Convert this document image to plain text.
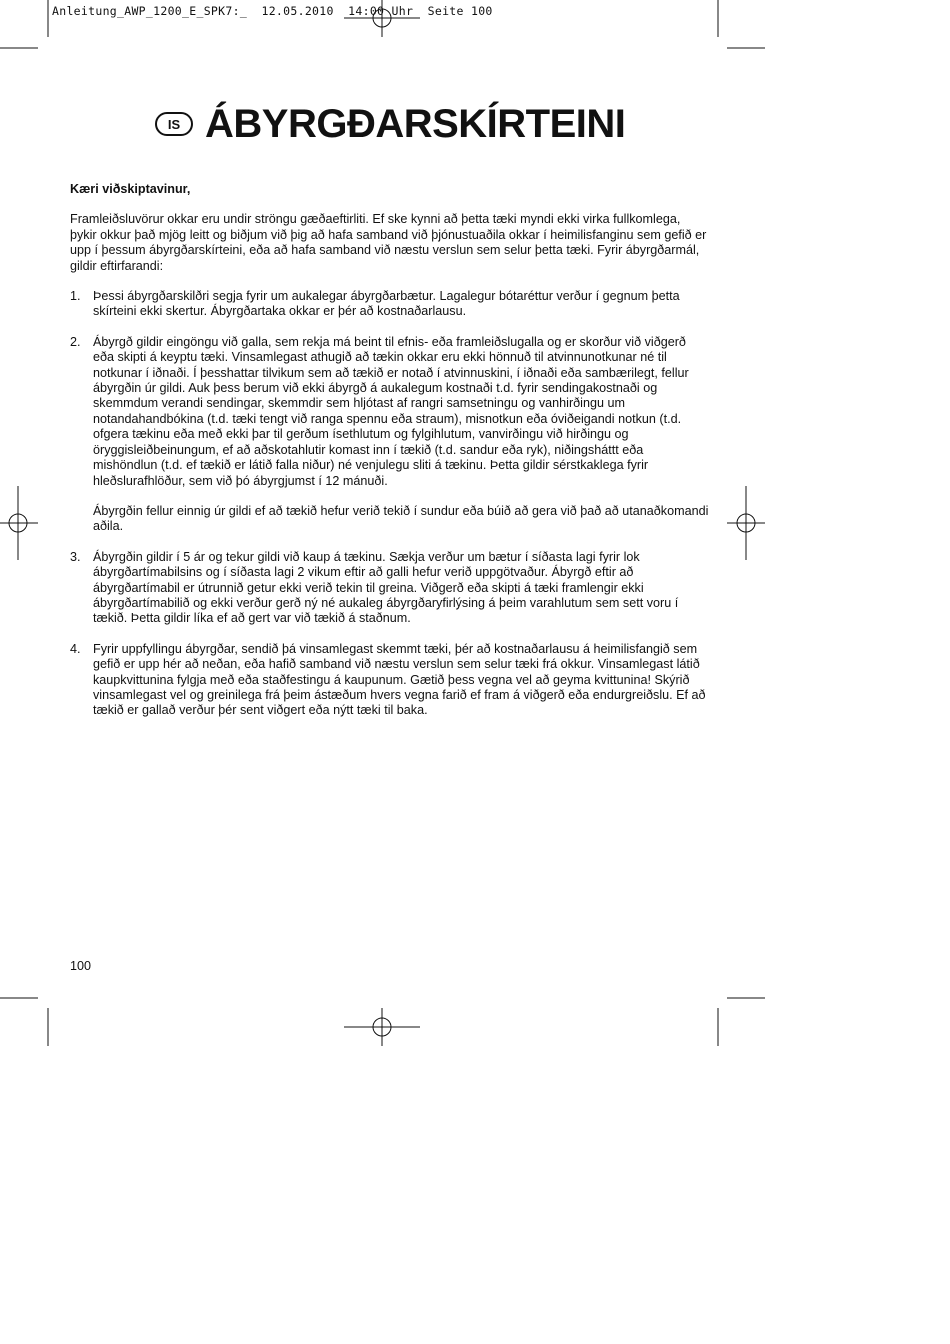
Anleitung_AWP_1200_E_SPK7:_  12.05.2010  14:00 Uhr  Seite 100
IS ÁBYRGÐARSKÍRTEINI

Kæri viðskiptavinur,

Framleiðsluvörur okkar eru undir ströngu gæðaeftirliti. Ef ske kynni að þetta tæki myndi ekki virka fullkomlega, þykir okkur það mjög leitt og biðjum við þig að hafa samband við þjónustuaðila okkar í heimilisfanginu sem gefið er upp í þessum ábyrgðarskírteini, eða að hafa samband við næstu verslun sem selur þetta tæki. Fyrir ábyrgðarmál, gildir eftirfarandi:

1. Þessi ábyrgðarskilðri segja fyrir um aukalegar ábyrgðarbætur. Lagalegur bótaréttur verður í gegnum þetta skírteini ekki skertur. Ábyrgðartaka okkar er þér að kostnaðarlausu.

2. Ábyrgð gildir eingöngu við galla, sem rekja má beint til efnis- eða framleiðslugalla og er skorður við viðgerð eða skipti á keyptu tæki. Vinsamlegast athugið að tækin okkar eru ekki hönnuð til atvinnunotkunar né til notkunar í iðnaði. Í þesshattar tilvikum sem að tækið er notað í atvinnuskini, í iðnaði eða sambærilegt, fellur ábyrgðin úr gildi. Auk þess berum við ekki ábyrgð á aukalegum kostnaði t.d. fyrir sendingakostnaði og skemmdum verandi sendingar, skemmdir sem hljótast af rangri samsetningu og vanhirðingu um notandahandbókina (t.d. tæki tengt við ranga spennu eða straum), misnotkun eða óviðeigandi notkun (t.d. ofgera tækinu eða með ekki þar til gerðum ísethlutum og fylgihlutum, vanvirðingu við hirðingu og öryggisleiðbeinungum, ef að aðskotahlutir komast inn í tækið (t.d. sandur eða ryk), niðingsháttt eða mishöndlun (t.d. ef tækið er látið falla niður) né venjulegu sliti á tækinu. Þetta gildir sérstkaklega fyrir hleðslurafhlöður, sem við þó ábyrgjumst í 12 mánuði.

Ábyrgðin fellur einnig úr gildi ef að tækið hefur verið tekið í sundur eða búið að gera við það að utanaðkomandi aðila.

3. Ábyrgðin gildir í 5 ár og tekur gildi við kaup á tækinu. Sækja verður um bætur í síðasta lagi fyrir lok ábyrgðartímabilsins og í síðasta lagi 2 vikum eftir að galli hefur verið uppgötvaður. Ábyrgð eftir að ábyrgðartímabil er útrunnið getur ekki verið tekin til greina. Viðgerð eða skipti á tæki framlengir ekki ábyrgðartímabilið og ekki verður gerð ný né aukaleg ábyrgðaryfirlýsing á þeim varahlutum sem sett voru í tækið. Þetta gildir líka ef að gert var við tækið á staðnum.

4. Fyrir uppfyllingu ábyrgðar, sendið þá vinsamlegast skemmt tæki, þér að kostnaðarlausu á heimilisfangið sem gefið er upp hér að neðan, eða hafið samband við næstu verslun sem selur tæki frá okkur. Vinsamlegast látið kaupkvittunina fylgja með eða staðfestingu á kaupunum. Gætið þess vegna vel að geyma kvittunina! Skýrið vinsamlegast vel og greinilega frá þeim ástæðum hvers vegna farið ef fram á viðgerð eða endurgreiðslu. Ef að tækið er gallað verður þér sent viðgert eða nýtt tæki til baka.

100
